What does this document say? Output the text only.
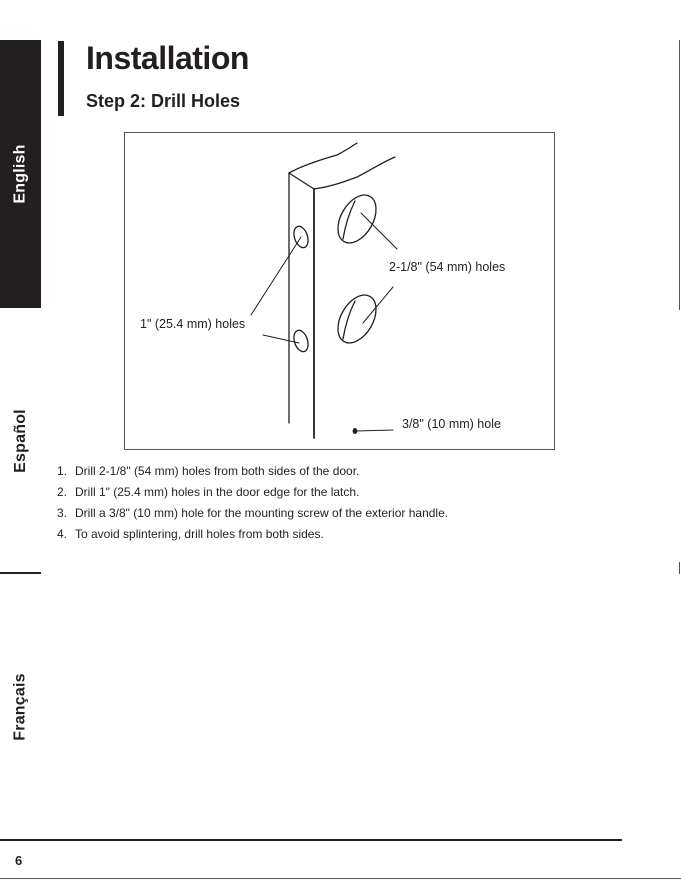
English
Español
Français
Installation
Step 2: Drill Holes
2-1/8" (54 mm) holes
1" (25.4 mm) holes
3/8" (10 mm) hole
1. Drill 2-1/8" (54 mm) holes from both sides of the door.
2. Drill 1" (25.4 mm) holes in the door edge for the latch.
3. Drill a 3/8" (10 mm) hole for the mounting screw of the exterior handle.
4. To avoid splintering, drill holes from both sides.
6
